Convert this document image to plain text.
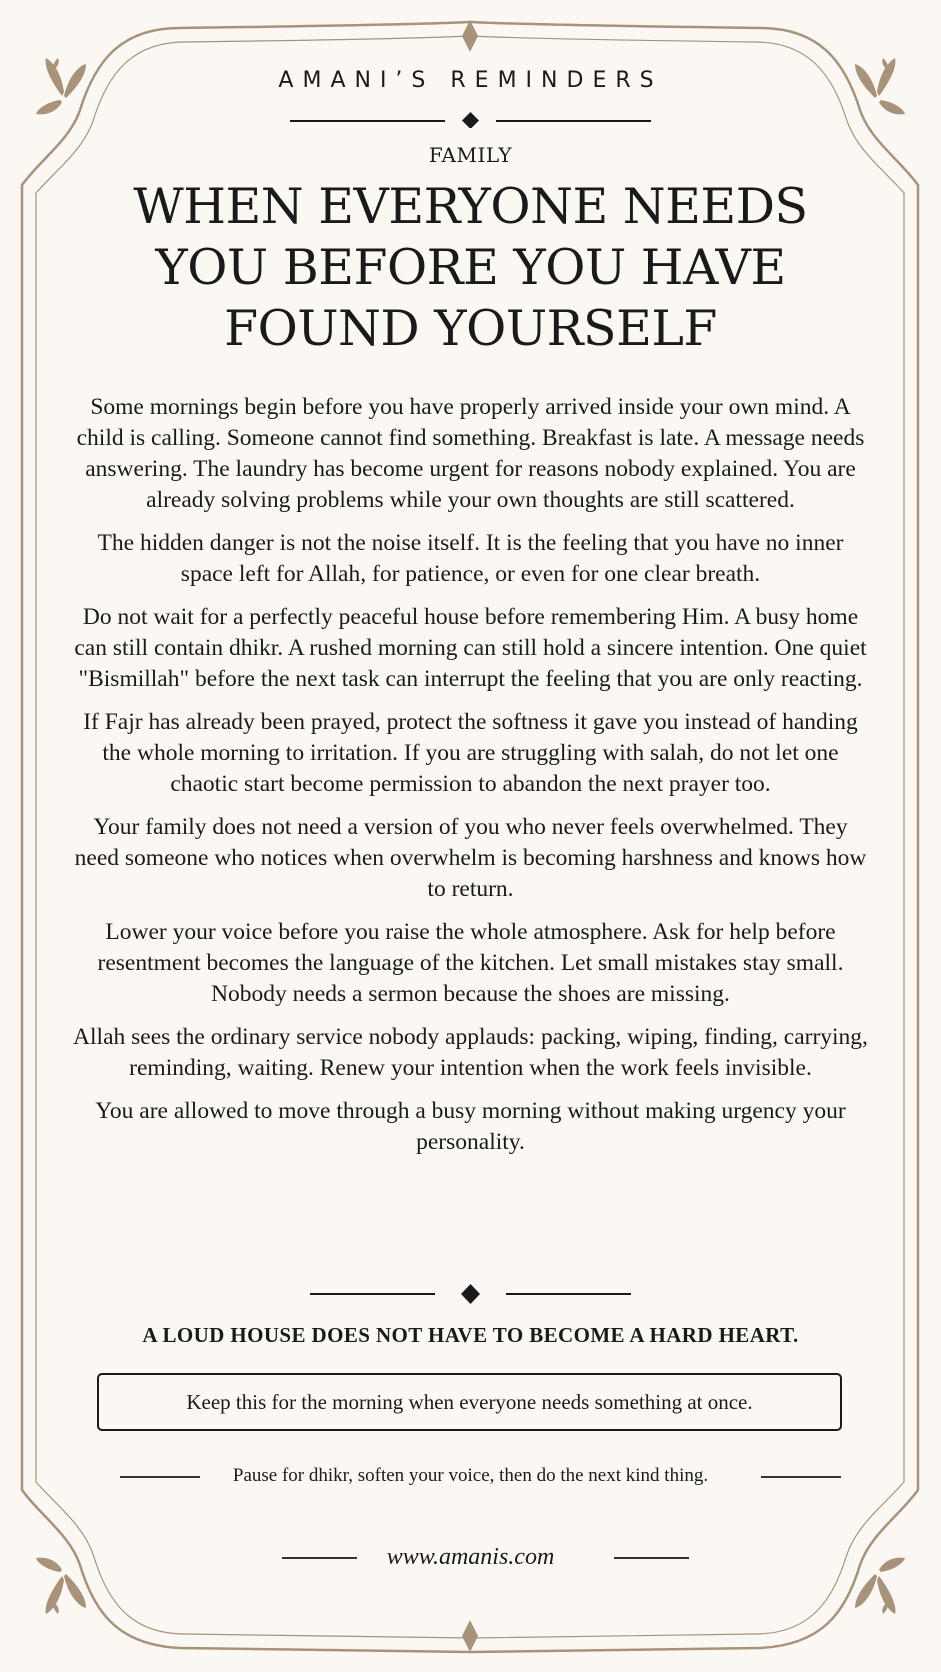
AMANI’S REMINDERS
FAMILY
WHEN EVERYONE NEEDS
YOU BEFORE YOU HAVE
FOUND YOURSELF

Some mornings begin before you have properly arrived inside your own mind. A child is calling. Someone cannot find something. Breakfast is late. A message needs answering. The laundry has become urgent for reasons nobody explained. You are already solving problems while your own thoughts are still scattered.

The hidden danger is not the noise itself. It is the feeling that you have no inner space left for Allah, for patience, or even for one clear breath.

Do not wait for a perfectly peaceful house before remembering Him. A busy home can still contain dhikr. A rushed morning can still hold a sincere intention. One quiet "Bismillah" before the next task can interrupt the feeling that you are only reacting.

If Fajr has already been prayed, protect the softness it gave you instead of handing the whole morning to irritation. If you are struggling with salah, do not let one chaotic start become permission to abandon the next prayer too.

Your family does not need a version of you who never feels overwhelmed. They need someone who notices when overwhelm is becoming harshness and knows how to return.

Lower your voice before you raise the whole atmosphere. Ask for help before resentment becomes the language of the kitchen. Let small mistakes stay small. Nobody needs a sermon because the shoes are missing.

Allah sees the ordinary service nobody applauds: packing, wiping, finding, carrying, reminding, waiting. Renew your intention when the work feels invisible.

You are allowed to move through a busy morning without making urgency your personality.

A LOUD HOUSE DOES NOT HAVE TO BECOME A HARD HEART.
Keep this for the morning when everyone needs something at once.
Pause for dhikr, soften your voice, then do the next kind thing.
www.amanis.com
